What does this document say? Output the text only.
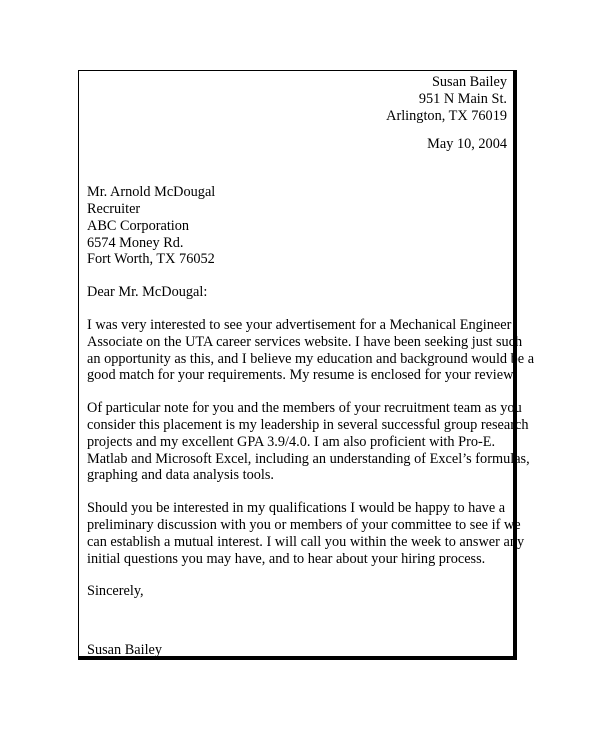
Susan Bailey
951 N Main St.
Arlington, TX 76019
May 10, 2004
Mr. Arnold McDougal
Recruiter
ABC Corporation
6574 Money Rd.
Fort Worth, TX 76052
Dear Mr. McDougal:

I was very interested to see your advertisement for a Mechanical Engineer
Associate on the UTA career services website. I have been seeking just such
an opportunity as this, and I believe my education and background would be a
good match for your requirements. My resume is enclosed for your review.

Of particular note for you and the members of your recruitment team as you
consider this placement is my leadership in several successful group research
projects and my excellent GPA 3.9/4.0. I am also proficient with Pro-E.
Matlab and Microsoft Excel, including an understanding of Excel’s formulas,
graphing and data analysis tools.

Should you be interested in my qualifications I would be happy to have a
preliminary discussion with you or members of your committee to see if we
can establish a mutual interest. I will call you within the week to answer any
initial questions you may have, and to hear about your hiring process.

Sincerely,
Susan Bailey
